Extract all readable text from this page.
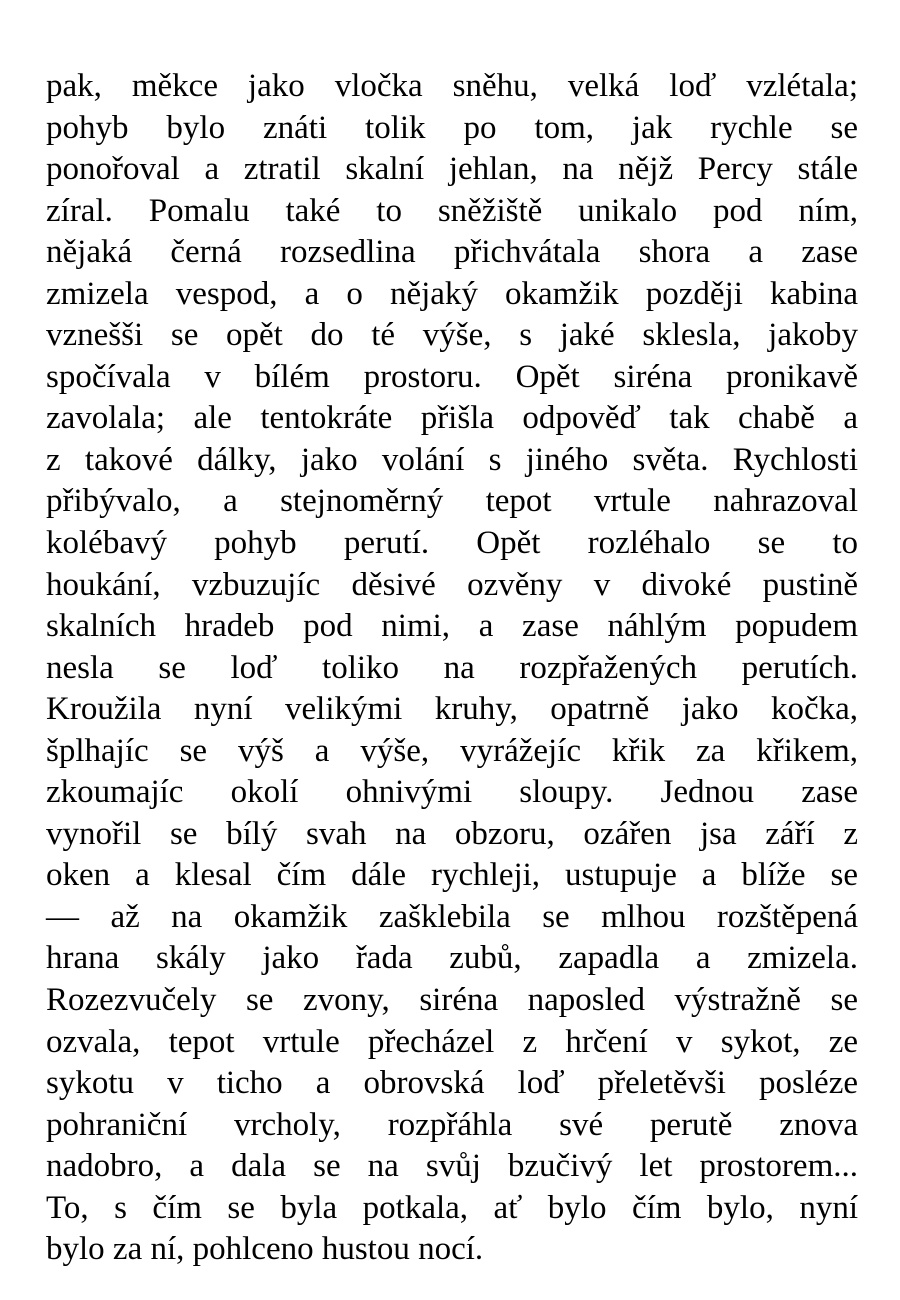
pak, měkce jako vločka sněhu, velká loď vzlétala;
pohyb bylo znáti tolik po tom, jak rychle se
ponořoval a ztratil skalní jehlan, na nějž Percy stále
zíral. Pomalu také to sněžiště unikalo pod ním,
nějaká černá rozsedlina přichvátala shora a zase
zmizela vespod, a o nějaký okamžik později kabina
vznešši se opět do té výše, s jaké sklesla, jakoby
spočívala v bílém prostoru. Opět siréna pronikavě
zavolala; ale tentokráte přišla odpověď tak chabě a
z takové dálky, jako volání s jiného světa. Rychlosti
přibývalo, a stejnoměrný tepot vrtule nahrazoval
kolébavý pohyb perutí. Opět rozléhalo se to
houkání, vzbuzujíc děsivé ozvěny v divoké pustině
skalních hradeb pod nimi, a zase náhlým popudem
nesla se loď toliko na rozpřažených perutích.
Kroužila nyní velikými kruhy, opatrně jako kočka,
šplhajíc se výš a výše, vyrážejíc křik za křikem,
zkoumajíc okolí ohnivými sloupy. Jednou zase
vynořil se bílý svah na obzoru, ozářen jsa září z
oken a klesal čím dále rychleji, ustupuje a blíže se
— až na okamžik zašklebila se mlhou rozštěpená
hrana skály jako řada zubů, zapadla a zmizela.
Rozezvučely se zvony, siréna naposled výstražně se
ozvala, tepot vrtule přecházel z hrčení v sykot, ze
sykotu v ticho a obrovská loď přeletěvši posléze
pohraniční vrcholy, rozpřáhla své perutě znova
nadobro, a dala se na svůj bzučivý let prostorem...
To, s čím se byla potkala, ať bylo čím bylo, nyní
bylo za ní, pohlceno hustou nocí.
